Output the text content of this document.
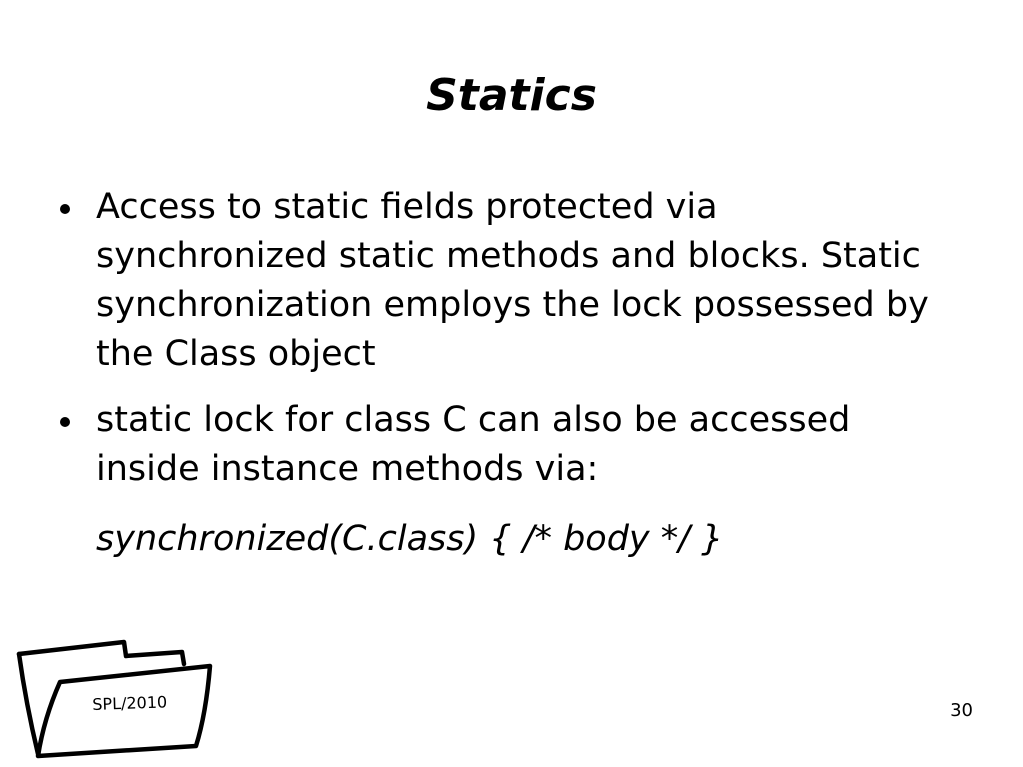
Statics
Access to static fields protected via synchronized static methods and blocks. Static synchronization employs the lock possessed by the Class object
static lock for class C can also be accessed inside instance methods via:

synchronized(C.class) { /* body */ }

SPL/2010	30
